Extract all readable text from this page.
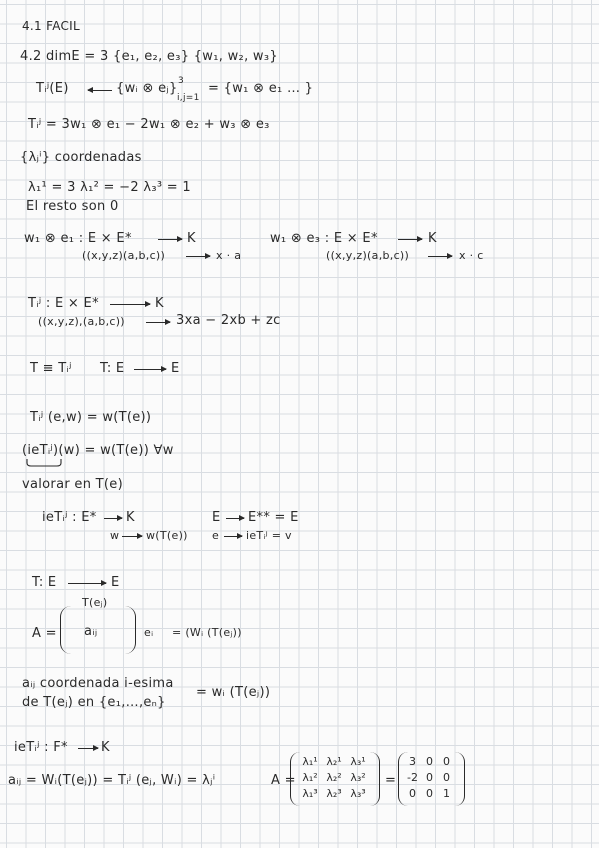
4.1 FACIL
4.2 dimE = 3 {e₁, e₂, e₃} {w₁, w₂, w₃}
Tᵢʲ(E)	{wᵢ ⊗ eⱼ} 3
i,j=1
= {w₁ ⊗ e₁ … }
Tᵢʲ = 3w₁ ⊗ e₁ − 2w₁ ⊗ e₂ + w₃ ⊗ e₃
{λⱼⁱ} coordenadas
λ₁¹ = 3 λ₁² = −2 λ₃³ = 1
El resto son 0
w₁ ⊗ e₁ : E × E*	K	w₁ ⊗ e₃ : E × E*	K
((x,y,z)(a,b,c))	x · a	((x,y,z)(a,b,c))	x · c
Tᵢʲ : E × E*	K
((x,y,z),(a,b,c))	3xa − 2xb + zc
T ≡ Tᵢʲ T: E	E
Tᵢʲ (e,w) = w(T(e))
(ieTᵢʲ)(w) = w(T(e)) ∀w
valorar en T(e)
ieTᵢʲ : E* K	E E** = E
w w(T(e)) e ieTᵢʲ = v
T: E	E
T(eⱼ)
A = aᵢⱼ	eᵢ = (Wᵢ (T(eⱼ))
aᵢⱼ coordenada i-esima
de T(eⱼ) en {e₁,…,eₙ}
= wᵢ (T(eⱼ))
ieTᵢʲ : F*	K
aᵢⱼ = Wᵢ(T(eⱼ)) = Tᵢʲ (eⱼ, Wᵢ) = λⱼⁱ	A =
λ₁¹ λ₂¹ λ₃¹
λ₁² λ₂² λ₃²
λ₁³ λ₂³ λ₃³
=
3 0 0
-2 0 0
0 0 1
